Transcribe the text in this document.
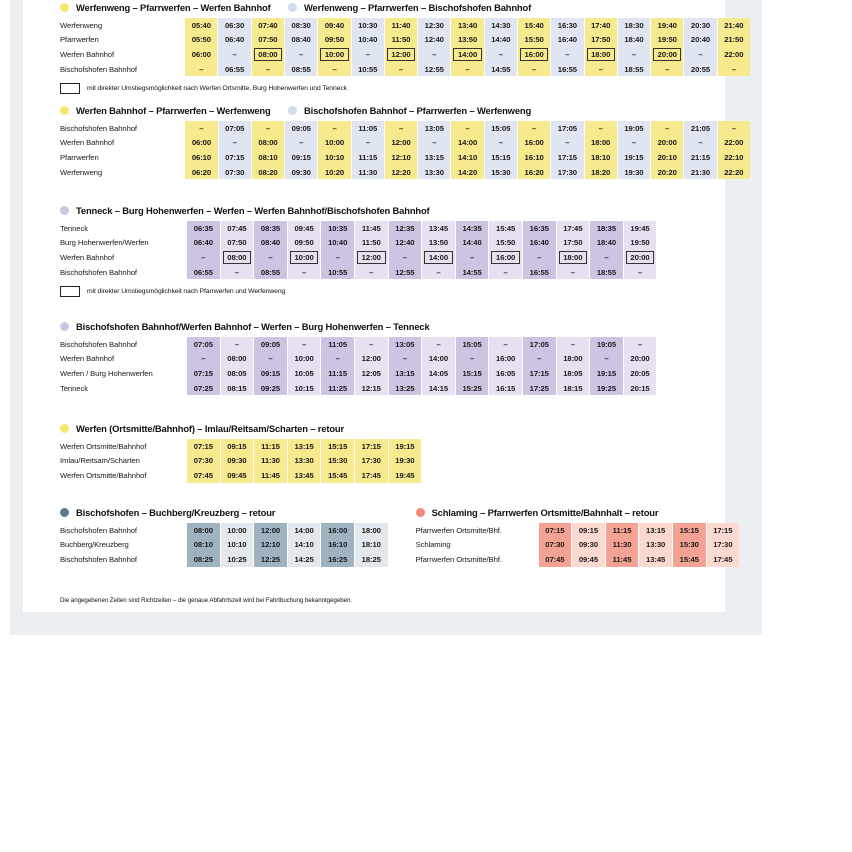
Werfenweng – Pfarrwerfen – Werfen Bahnhof	Werfenweng – Pfarrwerfen – Bischofshofen Bahnhof
Werfenweng	05:40	06:30	07:40	08:30	09:40	10:30	11:40	12:30	13:40	14:30	15:40	16:30	17:40	18:30	19:40	20:30	21:40

Pfarrwerfen	05:50	06:40	07:50	08:40	09:50	10:40	11:50	12:40	13:50	14:40	15:50	16:40	17:50	18:40	19:50	20:40	21:50

Werfen Bahnhof	06:00	–	08:00	–	10:00	–	12:00	–	14:00	–	16:00	–	18:00	–	20:00	–	22:00

Bischofshofen Bahnhof	–	06:55	–	08:55	–	10:55	–	12:55	–	14:55	–	16:55	–	18:55	–	20:55	–
mit direkter Umstiegsmöglichkeit nach Werfen Ortsmitte, Burg Hohenwerfen und Tenneck
Werfen Bahnhof – Pfarrwerfen – Werfenweng	Bischofshofen Bahnhof – Pfarrwerfen – Werfenweng
Bischofshofen Bahnhof	–	07:05	–	09:05	–	11:05	–	13:05	–	15:05	–	17:05	–	19:05	–	21:05	–

Werfen Bahnhof	06:00	–	08:00	–	10:00	–	12:00	–	14:00	–	16:00	–	18:00	–	20:00	–	22:00

Pfarrwerfen	06:10	07:15	08:10	09:15	10:10	11:15	12:10	13:15	14:10	15:15	16:10	17:15	18:10	19:15	20:10	21:15	22:10

Werfenweng	06:20	07:30	08:20	09:30	10:20	11:30	12:20	13:30	14:20	15:30	16:20	17:30	18:20	19:30	20:20	21:30	22:20
Tenneck – Burg Hohenwerfen – Werfen – Werfen Bahnhof/Bischofshofen Bahnhof
Tenneck	06:35	07:45	08:35	09:45	10:35	11:45	12:35	13:45	14:35	15:45	16:35	17:45	18:35	19:45

Burg Hohenwerfen/Werfen	06:40	07:50	08:40	09:50	10:40	11:50	12:40	13:50	14:40	15:50	16:40	17:50	18:40	19:50

Werfen Bahnhof	–	08:00	–	10:00	–	12:00	–	14:00	–	16:00	–	18:00	–	20:00

Bischofshofen Bahnhof	06:55	–	08:55	–	10:55	–	12:55	–	14:55	–	16:55	–	18:55	–
mit direkter Umstiegsmöglichkeit nach Pfarrwerfen und Werfenweng
Bischofshofen Bahnhof/Werfen Bahnhof – Werfen – Burg Hohenwerfen – Tenneck
Bischofshofen Bahnhof	07:05	–	09:05	–	11:05	–	13:05	–	15:05	–	17:05	–	19:05	–

Werfen Bahnhof	–	08:00	–	10:00	–	12:00	–	14:00	–	16:00	–	18:00	–	20:00

Werfen / Burg Hohenwerfen	07:15	08:05	09:15	10:05	11:15	12:05	13:15	14:05	15:15	16:05	17:15	18:05	19:15	20:05

Tenneck	07:25	08:15	09:25	10:15	11:25	12:15	13:25	14:15	15:25	16:15	17:25	18:15	19:25	20:15
Werfen (Ortsmitte/Bahnhof) – Imlau/Reitsam/Scharten – retour
Werfen Ortsmitte/Bahnhof	07:15	09:15	11:15	13:15	15:15	17:15	19:15

Imlau/Reitsam/Scharten	07:30	09:30	11:30	13:30	15:30	17:30	19:30

Werfen Ortsmitte/Bahnhof	07:45	09:45	11:45	13:45	15:45	17:45	19:45
Bischofshofen – Buchberg/Kreuzberg – retour
Bischofshofen Bahnhof	08:00	10:00	12:00	14:00	16:00	18:00

Buchberg/Kreuzberg	08:10	10:10	12:10	14:10	16:10	18:10

Bischofshofen Bahnhof	08:25	10:25	12:25	14:25	16:25	18:25
Schlaming – Pfarrwerfen Ortsmitte/Bahnhalt – retour
Pfarrwerfen Ortsmitte/Bhf.	07:15	09:15	11:15	13:15	15:15	17:15

Schlaming	07:30	09:30	11:30	13:30	15:30	17:30

Pfarrwerfen Ortsmitte/Bhf.	07:45	09:45	11:45	13:45	15:45	17:45
Die angegebenen Zeiten sind Richtzeiten – die genaue Abfahrtszeit wird bei Fahrtbuchung bekanntgegeben.
